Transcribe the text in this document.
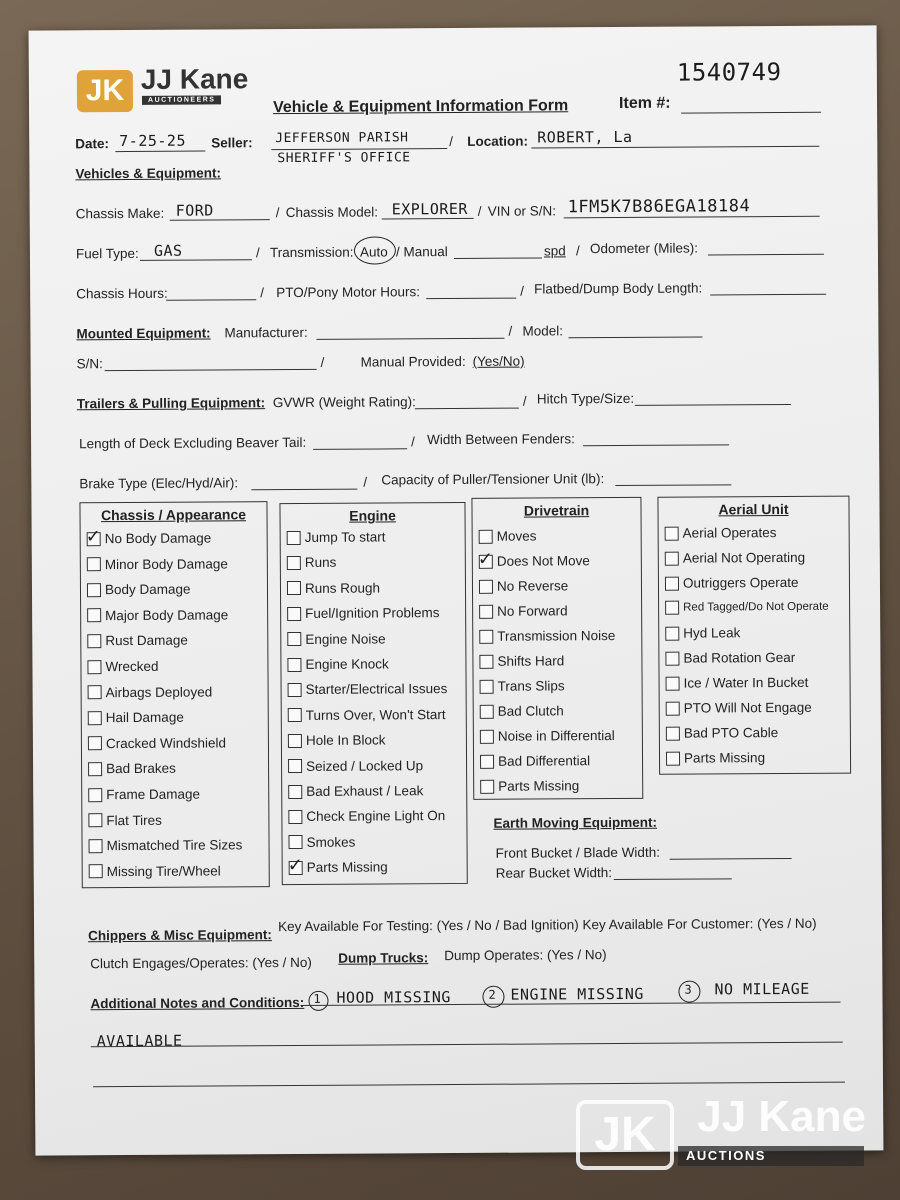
JK JJ Kane
AUCTIONEERS
1540749
Vehicle & Equipment Information Form	Item #:
Date: 7-25-25 Seller: JEFFERSON PARISH
SHERIFF'S OFFICE
/ Location: ROBERT, La
Vehicles & Equipment:
Chassis Make: FORD	/ Chassis Model: EXPLORER / VIN or S/N: 1FM5K7B86EGA18184
Fuel Type: GAS	/ Transmission: Auto / Manual	spd / Odometer (Miles):
Chassis Hours:	/ PTO/Pony Motor Hours:	/ Flatbed/Dump Body Length:
Mounted Equipment: Manufacturer:	/ Model:
S/N:	/	Manual Provided: (Yes/No)
Trailers & Pulling Equipment: GVWR (Weight Rating):	/ Hitch Type/Size:
Length of Deck Excluding Beaver Tail:	/ Width Between Fenders:
Brake Type (Elec/Hyd/Air):	/ Capacity of Puller/Tensioner Unit (lb):
Chassis / Appearance
✓ No Body Damage
Minor Body Damage
Body Damage
Major Body Damage
Rust Damage
Wrecked
Airbags Deployed
Hail Damage
Cracked Windshield
Bad Brakes
Frame Damage
Flat Tires
Mismatched Tire Sizes
Missing Tire/Wheel
Engine
Jump To start
Runs
Runs Rough
Fuel/Ignition Problems
Engine Noise
Engine Knock
Starter/Electrical Issues
Turns Over, Won't Start
Hole In Block
Seized / Locked Up
Bad Exhaust / Leak
Check Engine Light On
Smokes
✓ Parts Missing
Drivetrain
Moves
✓ Does Not Move
No Reverse
No Forward
Transmission Noise
Shifts Hard
Trans Slips
Bad Clutch
Noise in Differential
Bad Differential
Parts Missing
Aerial Unit
Aerial Operates
Aerial Not Operating
Outriggers Operate
Red Tagged/Do Not Operate
Hyd Leak
Bad Rotation Gear
Ice / Water In Bucket
PTO Will Not Engage
Bad PTO Cable
Parts Missing
Earth Moving Equipment:
Front Bucket / Blade Width:
Rear Bucket Width:
Chippers & Misc Equipment:
Key Available For Testing: (Yes / No / Bad Ignition) Key Available For Customer: (Yes / No)
Clutch Engages/Operates: (Yes / No) Dump Trucks: Dump Operates: (Yes / No)
Additional Notes and Conditions: 1 HOOD MISSING	2 ENGINE MISSING	3 NO MILEAGE
AVAILABLE
JK JJ Kane
AUCTIONS
